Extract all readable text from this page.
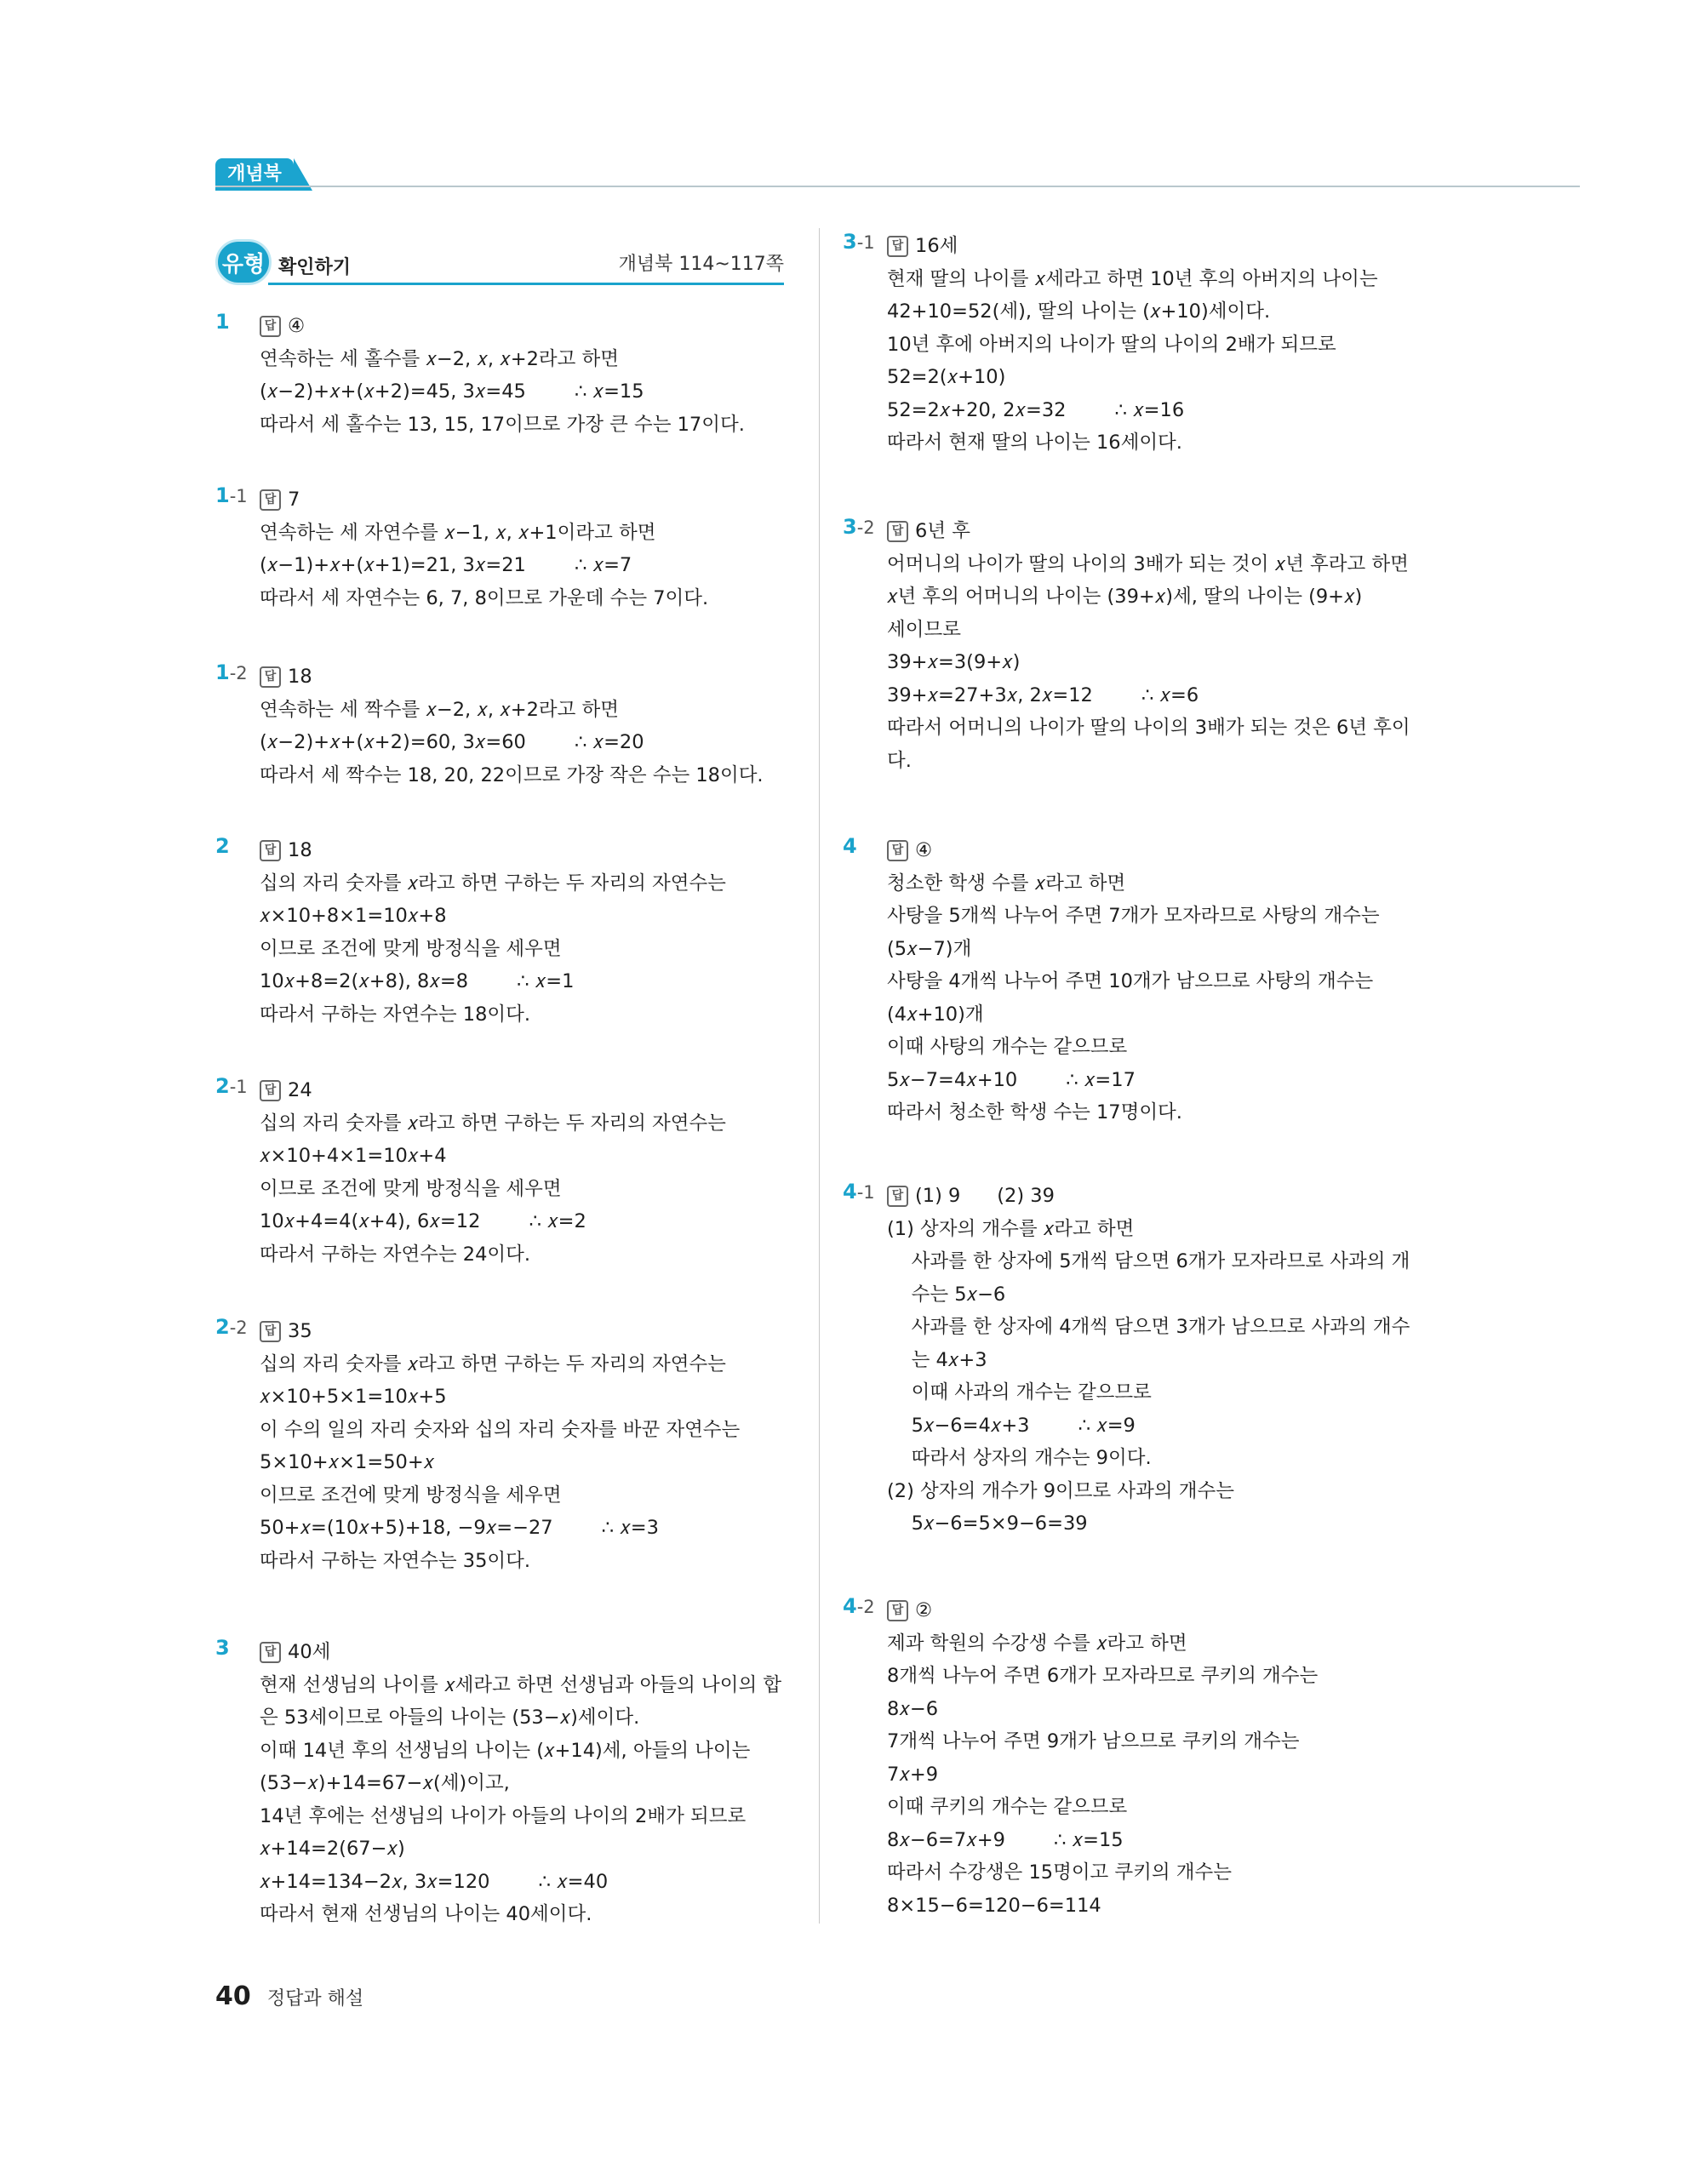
개념북
유형 확인하기	개념북 114~117쪽
1	답 ④
연속하는 세 홀수를 𝑥−2, 𝑥, 𝑥+2라고 하면
(𝑥−2)+𝑥+(𝑥+2)=45, 3𝑥=45        ∴ 𝑥=15
따라서 세 홀수는 13, 15, 17이므로 가장 큰 수는 17이다.
1-1	답 7
연속하는 세 자연수를 𝑥−1, 𝑥, 𝑥+1이라고 하면
(𝑥−1)+𝑥+(𝑥+1)=21, 3𝑥=21        ∴ 𝑥=7
따라서 세 자연수는 6, 7, 8이므로 가운데 수는 7이다.
1-2	답 18
연속하는 세 짝수를 𝑥−2, 𝑥, 𝑥+2라고 하면
(𝑥−2)+𝑥+(𝑥+2)=60, 3𝑥=60        ∴ 𝑥=20
따라서 세 짝수는 18, 20, 22이므로 가장 작은 수는 18이다.
2	답 18
십의 자리 숫자를 𝑥라고 하면 구하는 두 자리의 자연수는
𝑥×10+8×1=10𝑥+8
이므로 조건에 맞게 방정식을 세우면
10𝑥+8=2(𝑥+8), 8𝑥=8        ∴ 𝑥=1
따라서 구하는 자연수는 18이다.
2-1	답 24
십의 자리 숫자를 𝑥라고 하면 구하는 두 자리의 자연수는
𝑥×10+4×1=10𝑥+4
이므로 조건에 맞게 방정식을 세우면
10𝑥+4=4(𝑥+4), 6𝑥=12        ∴ 𝑥=2
따라서 구하는 자연수는 24이다.
2-2	답 35
십의 자리 숫자를 𝑥라고 하면 구하는 두 자리의 자연수는
𝑥×10+5×1=10𝑥+5
이 수의 일의 자리 숫자와 십의 자리 숫자를 바꾼 자연수는
5×10+𝑥×1=50+𝑥
이므로 조건에 맞게 방정식을 세우면
50+𝑥=(10𝑥+5)+18, −9𝑥=−27        ∴ 𝑥=3
따라서 구하는 자연수는 35이다.
3	답 40세
현재 선생님의 나이를 𝑥세라고 하면 선생님과 아들의 나이의 합
은 53세이므로 아들의 나이는 (53−𝑥)세이다.
이때 14년 후의 선생님의 나이는 (𝑥+14)세, 아들의 나이는
(53−𝑥)+14=67−𝑥(세)이고,
14년 후에는 선생님의 나이가 아들의 나이의 2배가 되므로
𝑥+14=2(67−𝑥)
𝑥+14=134−2𝑥, 3𝑥=120        ∴ 𝑥=40
따라서 현재 선생님의 나이는 40세이다.
3-1	답 16세
현재 딸의 나이를 𝑥세라고 하면 10년 후의 아버지의 나이는
42+10=52(세), 딸의 나이는 (𝑥+10)세이다.
10년 후에 아버지의 나이가 딸의 나이의 2배가 되므로
52=2(𝑥+10)
52=2𝑥+20, 2𝑥=32        ∴ 𝑥=16
따라서 현재 딸의 나이는 16세이다.
3-2	답 6년 후
어머니의 나이가 딸의 나이의 3배가 되는 것이 𝑥년 후라고 하면
𝑥년 후의 어머니의 나이는 (39+𝑥)세, 딸의 나이는 (9+𝑥)
세이므로
39+𝑥=3(9+𝑥)
39+𝑥=27+3𝑥, 2𝑥=12        ∴ 𝑥=6
따라서 어머니의 나이가 딸의 나이의 3배가 되는 것은 6년 후이
다.
4	답 ④
청소한 학생 수를 𝑥라고 하면
사탕을 5개씩 나누어 주면 7개가 모자라므로 사탕의 개수는
(5𝑥−7)개
사탕을 4개씩 나누어 주면 10개가 남으므로 사탕의 개수는
(4𝑥+10)개
이때 사탕의 개수는 같으므로
5𝑥−7=4𝑥+10        ∴ 𝑥=17
따라서 청소한 학생 수는 17명이다.
4-1	답 (1) 9      (2) 39
(1) 상자의 개수를 𝑥라고 하면
사과를 한 상자에 5개씩 담으면 6개가 모자라므로 사과의 개
수는 5𝑥−6
사과를 한 상자에 4개씩 담으면 3개가 남으므로 사과의 개수
는 4𝑥+3
이때 사과의 개수는 같으므로
5𝑥−6=4𝑥+3        ∴ 𝑥=9
따라서 상자의 개수는 9이다.
(2) 상자의 개수가 9이므로 사과의 개수는
5𝑥−6=5×9−6=39
4-2	답 ②
제과 학원의 수강생 수를 𝑥라고 하면
8개씩 나누어 주면 6개가 모자라므로 쿠키의 개수는
8𝑥−6
7개씩 나누어 주면 9개가 남으므로 쿠키의 개수는
7𝑥+9
이때 쿠키의 개수는 같으므로
8𝑥−6=7𝑥+9        ∴ 𝑥=15
따라서 수강생은 15명이고 쿠키의 개수는
8×15−6=120−6=114
40 정답과 해설
